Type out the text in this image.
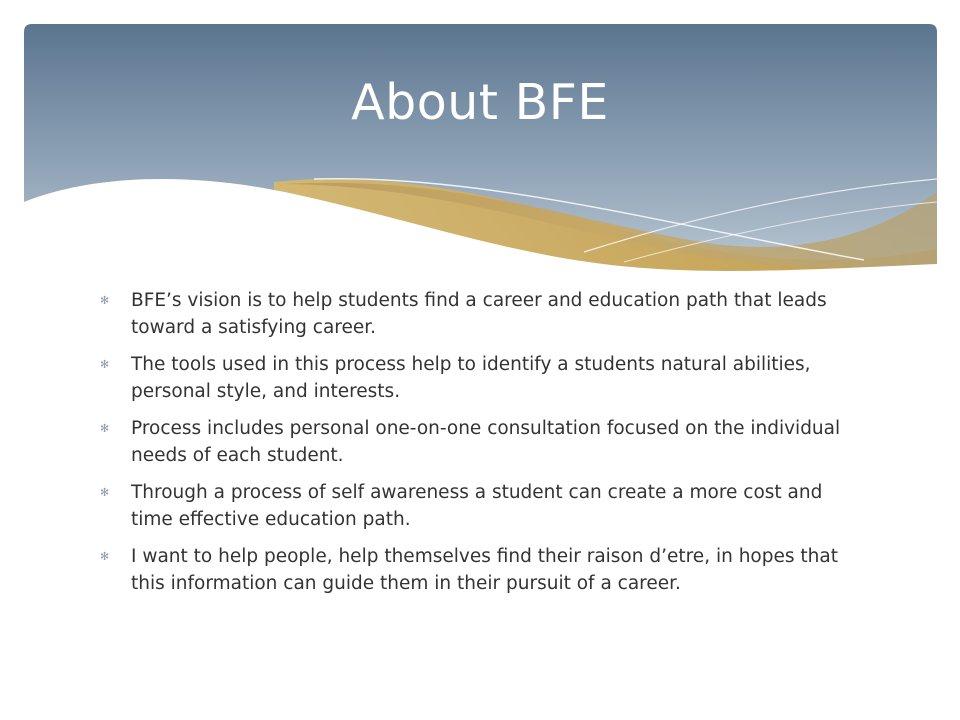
About BFE
✻	BFE’s vision is to help students find a career and education path that leads toward a satisfying career.
✻	The tools used in this process help to identify a students natural abilities, personal style, and interests.
✻	Process includes personal one-on-one consultation focused on the individual needs of each student.
✻	Through a process of self awareness a student can create a more cost and time effective education path.
✻	I want to help people, help themselves find their raison d’etre, in hopes that this information can guide them in their pursuit of a career.
